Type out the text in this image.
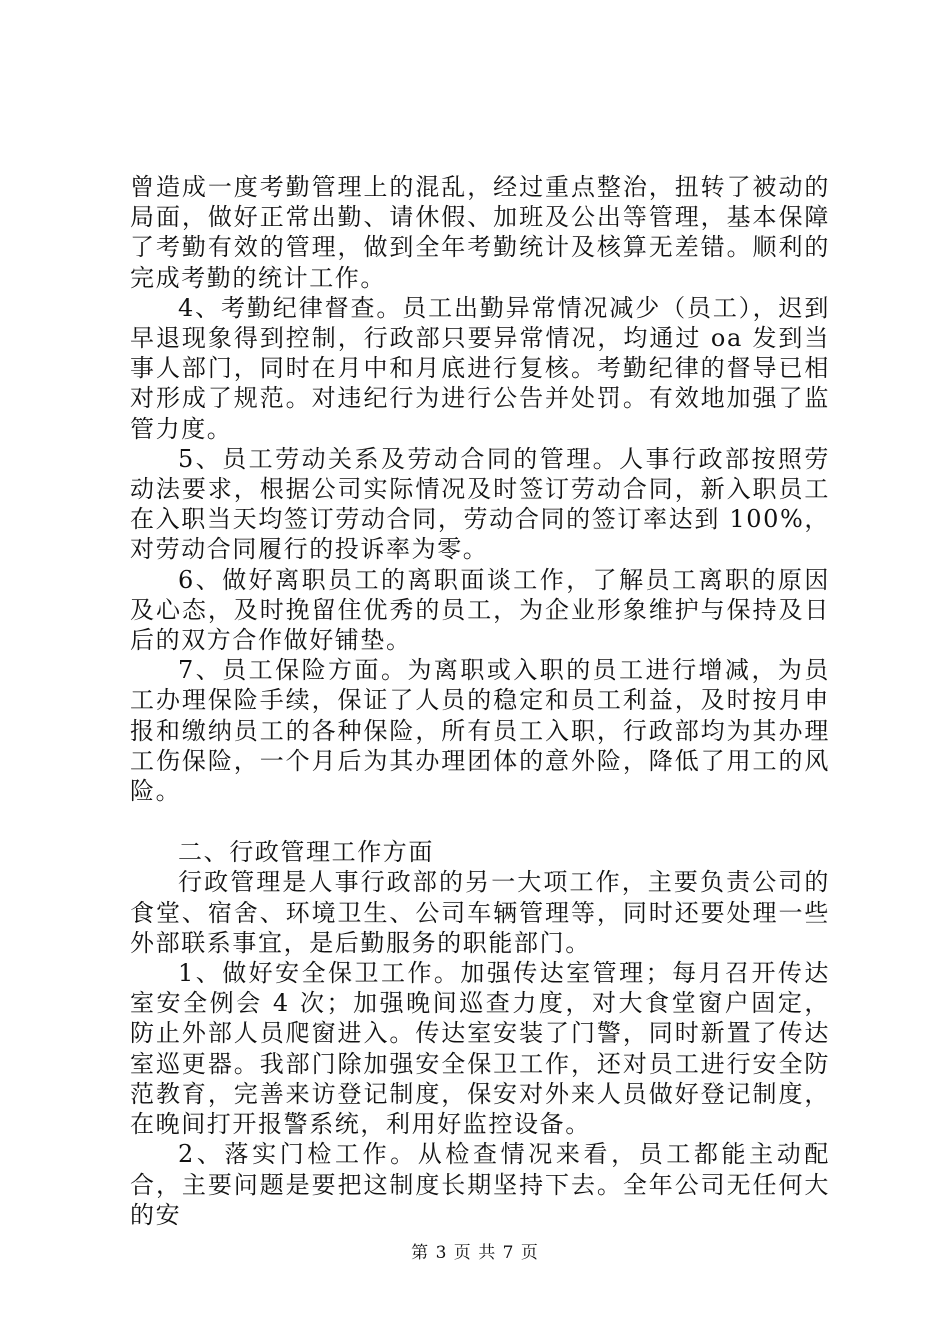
曾造成一度考勤管理上的混乱，经过重点整治，扭转了被动的局面，做好正常出勤、请休假、加班及公出等管理，基本保障了考勤有效的管理，做到全年考勤统计及核算无差错。顺利的完成考勤的统计工作。

4、考勤纪律督查。员工出勤异常情况减少（员工），迟到早退现象得到控制，行政部只要异常情况，均通过 oa 发到当事人部门，同时在月中和月底进行复核。考勤纪律的督导已相对形成了规范。对违纪行为进行公告并处罚。有效地加强了监管力度。

5、员工劳动关系及劳动合同的管理。人事行政部按照劳动法要求，根据公司实际情况及时签订劳动合同，新入职员工在入职当天均签订劳动合同，劳动合同的签订率达到 100%，对劳动合同履行的投诉率为零。

6、做好离职员工的离职面谈工作，了解员工离职的原因及心态，及时挽留住优秀的员工，为企业形象维护与保持及日后的双方合作做好铺垫。

7、员工保险方面。为离职或入职的员工进行增减，为员工办理保险手续，保证了人员的稳定和员工利益，及时按月申报和缴纳员工的各种保险，所有员工入职，行政部均为其办理工伤保险，一个月后为其办理团体的意外险，降低了用工的风险。

二、行政管理工作方面

行政管理是人事行政部的另一大项工作，主要负责公司的食堂、宿舍、环境卫生、公司车辆管理等，同时还要处理一些外部联系事宜，是后勤服务的职能部门。

1、做好安全保卫工作。加强传达室管理；每月召开传达室安全例会 4 次；加强晚间巡查力度，对大食堂窗户固定，防止外部人员爬窗进入。传达室安装了门警，同时新置了传达室巡更器。我部门除加强安全保卫工作，还对员工进行安全防范教育，完善来访登记制度，保安对外来人员做好登记制度，在晚间打开报警系统，利用好监控设备。

2、落实门检工作。从检查情况来看，员工都能主动配合，主要问题是要把这制度长期坚持下去。全年公司无任何大的安

第 3 页 共 7 页
